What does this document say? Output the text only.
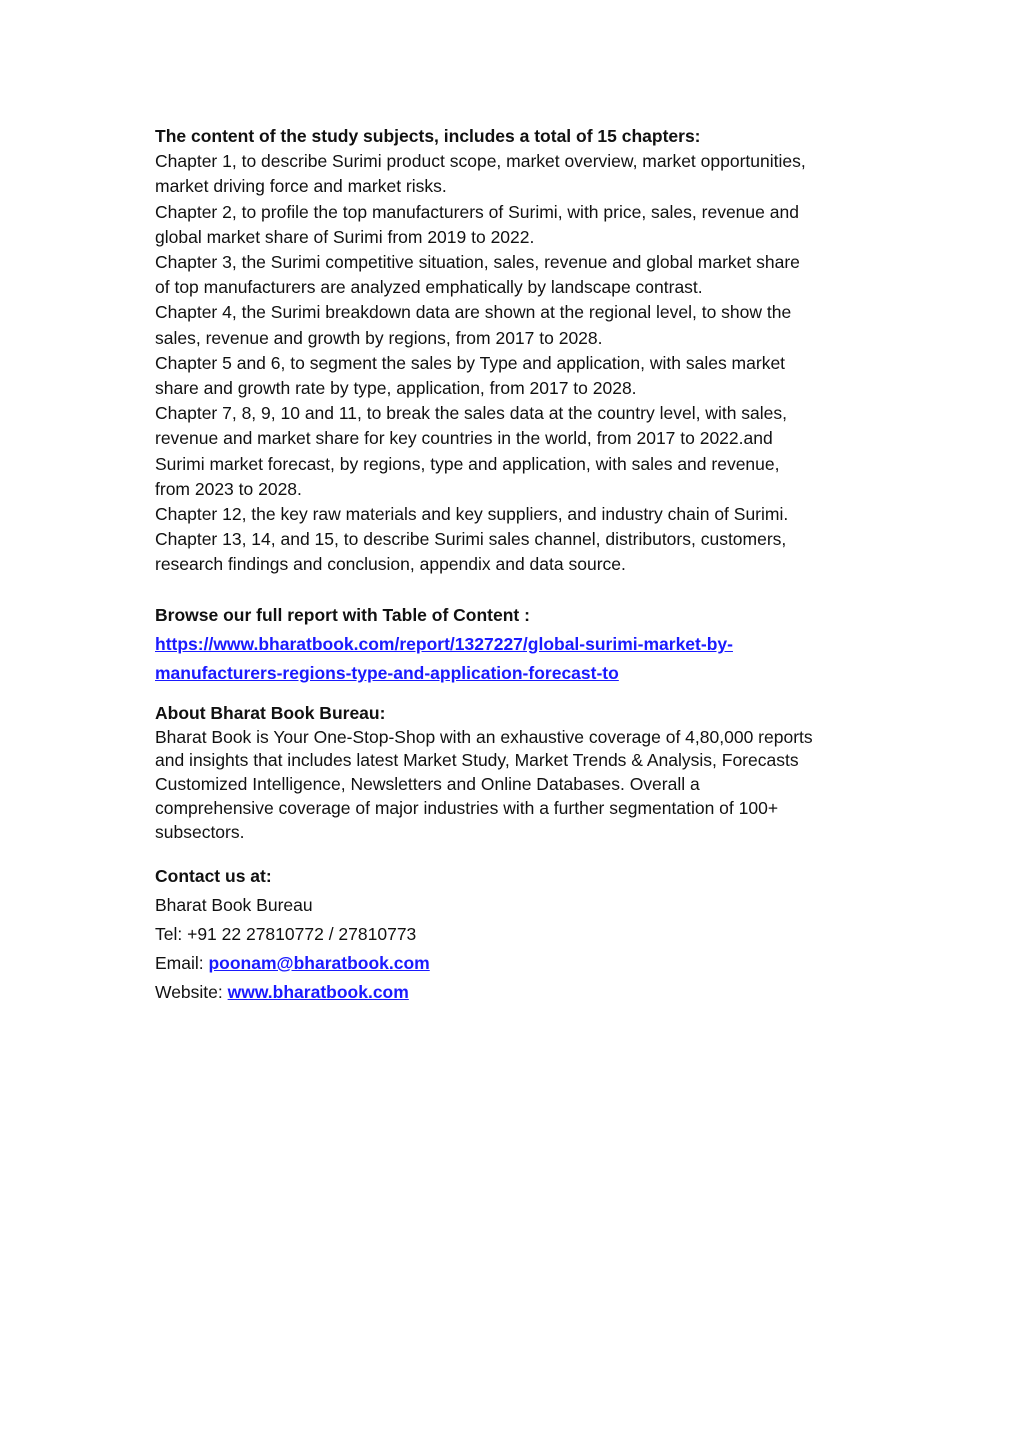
The content of the study subjects, includes a total of 15 chapters:
Chapter 1, to describe Surimi product scope, market overview, market opportunities,
market driving force and market risks.
Chapter 2, to profile the top manufacturers of Surimi, with price, sales, revenue and
global market share of Surimi from 2019 to 2022.
Chapter 3, the Surimi competitive situation, sales, revenue and global market share
of top manufacturers are analyzed emphatically by landscape contrast.
Chapter 4, the Surimi breakdown data are shown at the regional level, to show the
sales, revenue and growth by regions, from 2017 to 2028.
Chapter 5 and 6, to segment the sales by Type and application, with sales market
share and growth rate by type, application, from 2017 to 2028.
Chapter 7, 8, 9, 10 and 11, to break the sales data at the country level, with sales,
revenue and market share for key countries in the world, from 2017 to 2022.and
Surimi market forecast, by regions, type and application, with sales and revenue,
from 2023 to 2028.
Chapter 12, the key raw materials and key suppliers, and industry chain of Surimi.
Chapter 13, 14, and 15, to describe Surimi sales channel, distributors, customers,
research findings and conclusion, appendix and data source.
Browse our full report with Table of Content :
https://www.bharatbook.com/report/1327227/global-surimi-market-by-
manufacturers-regions-type-and-application-forecast-to
About Bharat Book Bureau:
Bharat Book is Your One-Stop-Shop with an exhaustive coverage of 4,80,000 reports
and insights that includes latest Market Study, Market Trends & Analysis, Forecasts
Customized Intelligence, Newsletters and Online Databases. Overall a
comprehensive coverage of major industries with a further segmentation of 100+
subsectors.
Contact us at:
Bharat Book Bureau
Tel: +91 22 27810772 / 27810773
Email: poonam@bharatbook.com
Website: www.bharatbook.com
